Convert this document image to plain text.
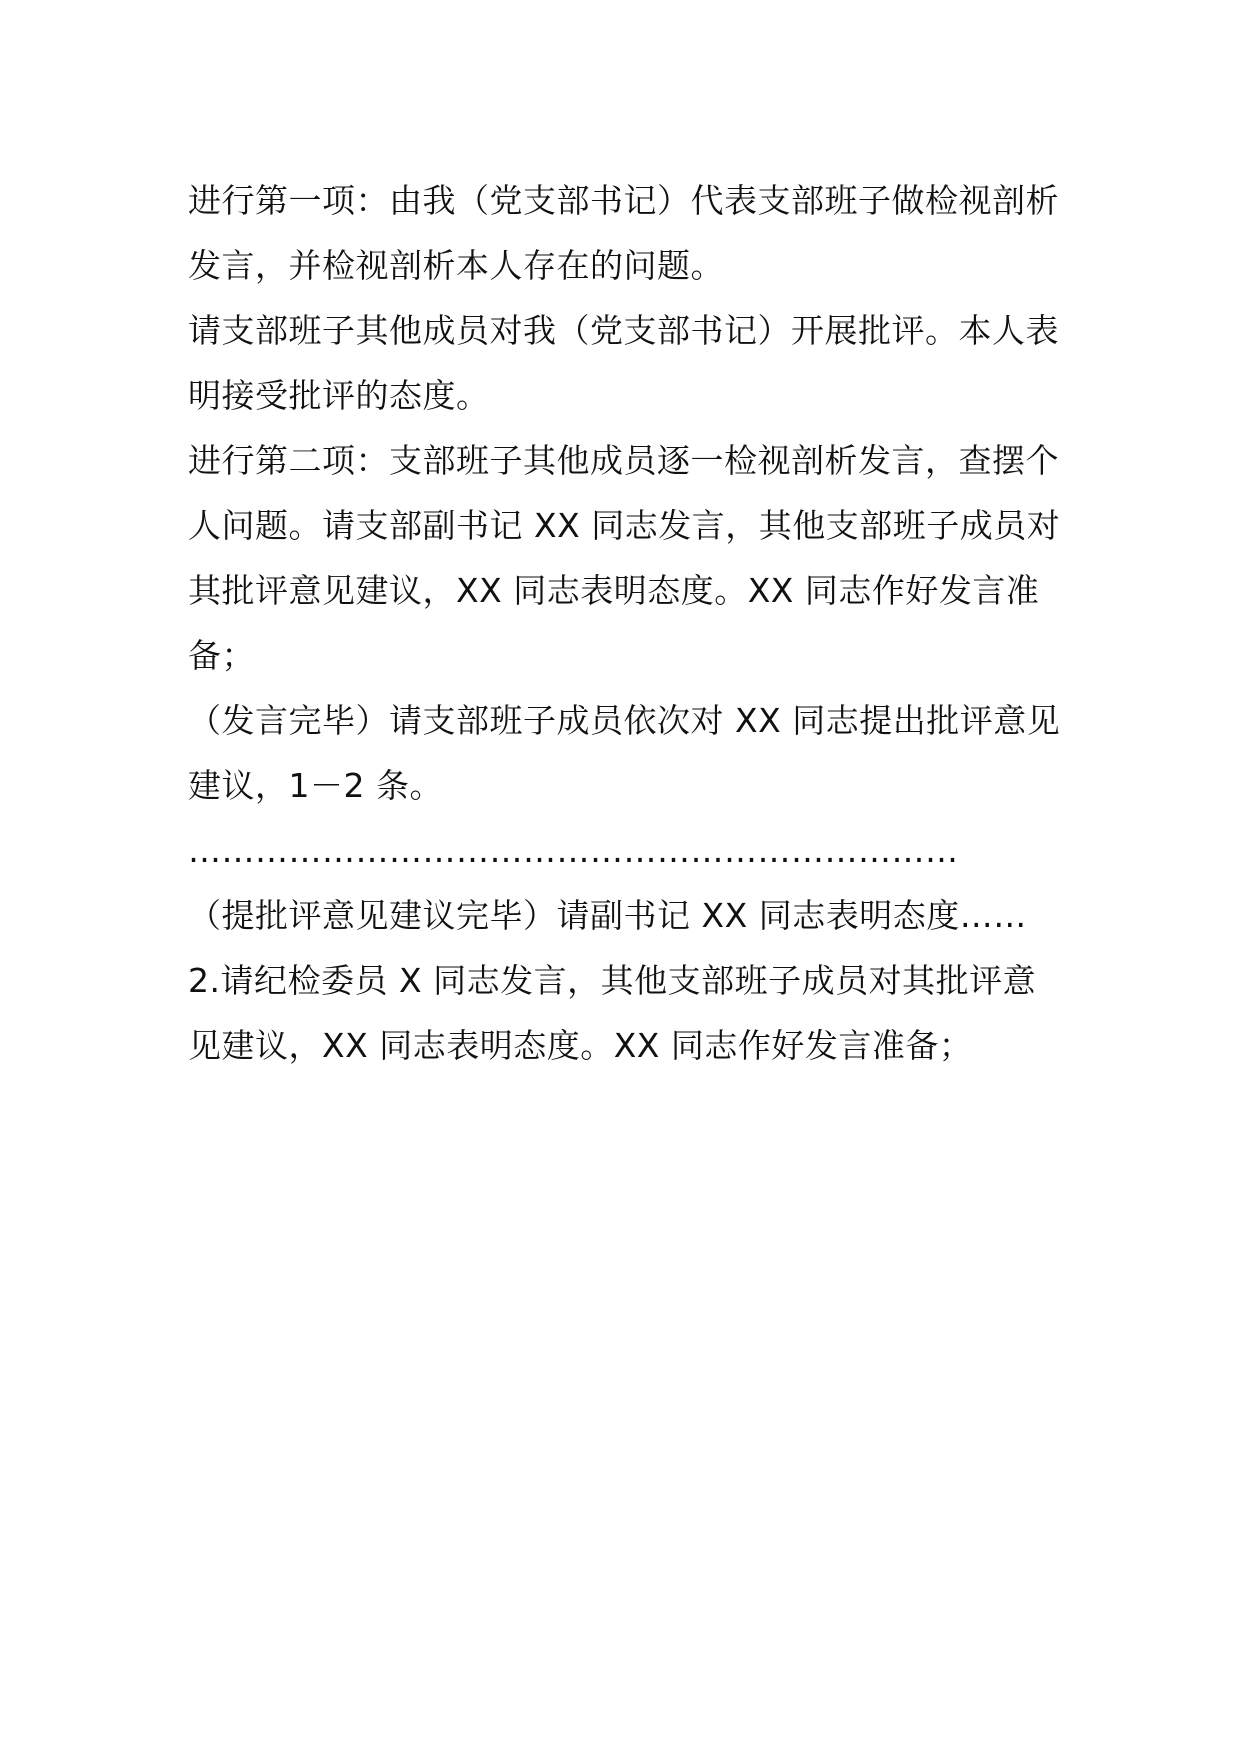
进行第一项：由我（党支部书记）代表支部班子做检视剖析发言，并检视剖析本人存在的问题。

请支部班子其他成员对我（党支部书记）开展批评。本人表明接受批评的态度。

进行第二项：支部班子其他成员逐一检视剖析发言，查摆个人问题。请支部副书记 XX 同志发言，其他支部班子成员对其批评意见建议，XX 同志表明态度。XX 同志作好发言准备；

（发言完毕）请支部班子成员依次对 XX 同志提出批评意见建议，1－2 条。

……………………………………………………………

（提批评意见建议完毕）请副书记 XX 同志表明态度……

2.请纪检委员 X 同志发言，其他支部班子成员对其批评意见建议，XX 同志表明态度。XX 同志作好发言准备；
